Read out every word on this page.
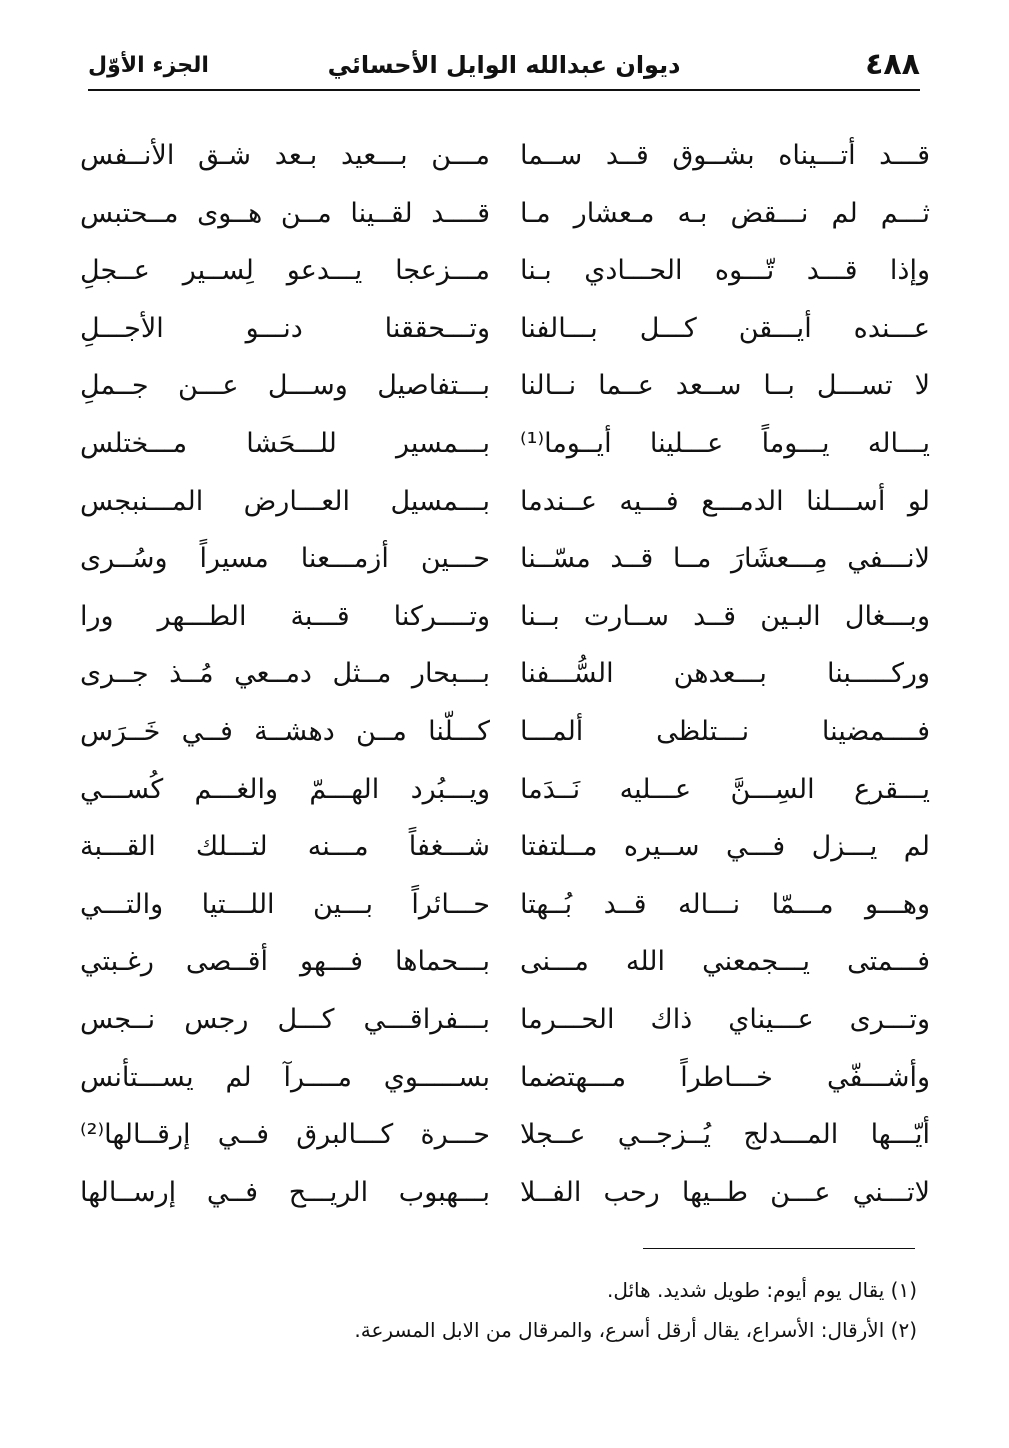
٤٨٨
ديوان عبدالله الوايل الأحسائي
الجزء الأوّل
قـــد أتـــيناه بشــوق قــد ســما
مـــن بـــعيد بـعد شـق الأنــفس
ثـــم لم نـــقض بـه مـعشار مـا
قــــد لقــينا مــن هــوى مــحتبس
وإذا قـــد تّـــوه الحـــادي بـنا
مـــزعجا يـــدعو لِســير عــجلِ
عـــنده أيـــقن كـــل بـــالفنا
وتـــحققنا دنـــو الأجـــلِ
لا تســـل بــا ســعد عــما نــالنا
بـــتفاصيل وســـل عـــن جــملِ
يـــاله يـــوماً عـــلينا أيــوما⁽¹⁾
بـــمسير للـــحَشا مـــختلس
لو أســـلنا الدمـــع فـــيه عــندما
بـــمسيل العـــارض المـــنبجس
لانـــفي مِـــعشَارَ مــا قــد مسّــنا
حـــين أزمـــعنا مسيراً وسُــرى
وبـــغال البـين قــد ســارت بــنا
وتــــركنا قـــبة الطـــهر ورا
وركـــــبنا بـــعدهن السُّـــفنا
بـــبحار مــثل دمــعي مُــذ جــرى
فــــمضينا نـــتلظى ألمـــا
كـــلّنا مــن دهشــة فــي خَــرَس
يـــقرع السِـــنَّ عـــليه نَــدَما
ويـــبُرد الهـــمّ والغـــم كُســـي
لم يـــزل فـــي ســيره مــلتفتا
شـــغفاً مـــنه لتـــلك القـــبة
وهـــو مـــمّا نـــاله قــد بُــهتا
حـــائراً بـــين اللـــتيا والتـــي
فـــمتى يـــجمعني الله مـــنى
بـــحماها فـــهو أقــصى رغـبتي
وتـــرى عـــيناي ذاك الحـــرما
بـــفراقـــي كـــل رجس نــجس
وأشـــفّي خـــاطراً مـــهتضما
بســـــوي مــــرآ لم يســـتأنس
أيّـــها المـــدلج يُــزجــي عــجلا
حـــرة كـــالبرق فــي إرقــالها⁽²⁾
لاتـــني عـــن طــيها رحب الفــلا
بـــهبوب الريـــح فــي إرســالها
(١) يقال يوم أيوم: طويل شديد. هائل.
(٢) الأرقال: الأسراع، يقال أرقل أسرع، والمرقال من الابل المسرعة.
